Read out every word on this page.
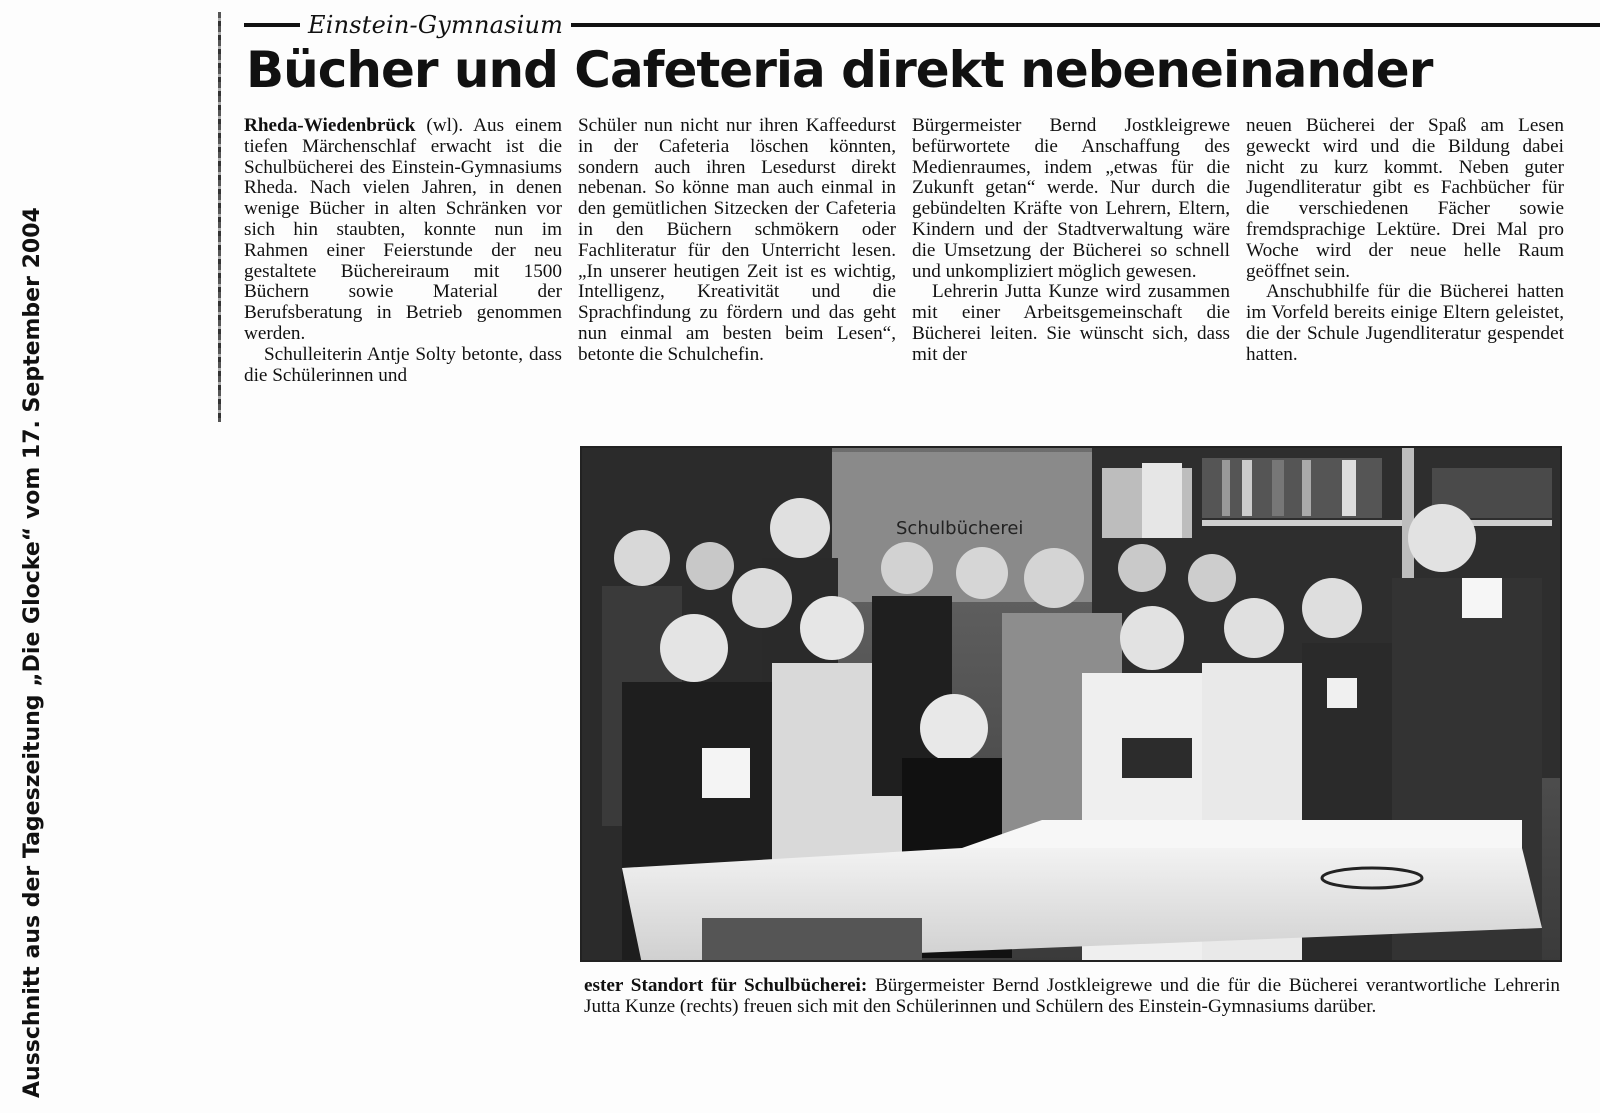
Ausschnitt aus der Tageszeitung „Die Glocke“ vom 17. September 2004
Einstein-Gymnasium
Bücher und Cafeteria direkt nebeneinander

Rheda-Wiedenbrück (wl). Aus einem tiefen Märchenschlaf erwacht ist die Schulbücherei des Einstein-Gymnasiums Rheda. Nach vielen Jahren, in denen wenige Bücher in alten Schränken vor sich hin staubten, konnte nun im Rahmen einer Feierstunde der neu gestaltete Büchereiraum mit 1500 Büchern sowie Material der Berufsberatung in Betrieb genommen werden.

Schulleiterin Antje Solty betonte, dass die Schülerinnen und

Schüler nun nicht nur ihren Kaffeedurst in der Cafeteria löschen könnten, sondern auch ihren Lesedurst direkt nebenan. So könne man auch einmal in den gemütlichen Sitzecken der Cafeteria in den Büchern schmökern oder Fachliteratur für den Unterricht lesen. „In unserer heutigen Zeit ist es wichtig, Intelligenz, Kreativität und die Sprachfindung zu fördern und das geht nun einmal am besten beim Lesen“, betonte die Schulchefin.

Bürgermeister Bernd Jostkleigrewe befürwortete die Anschaffung des Medienraumes, indem „etwas für die Zukunft getan“ werde. Nur durch die gebündelten Kräfte von Lehrern, Eltern, Kindern und der Stadtverwaltung wäre die Umsetzung der Bücherei so schnell und unkompliziert möglich gewesen.

Lehrerin Jutta Kunze wird zusammen mit einer Arbeitsgemeinschaft die Bücherei leiten. Sie wünscht sich, dass mit der

neuen Bücherei der Spaß am Lesen geweckt wird und die Bildung dabei nicht zu kurz kommt. Neben guter Jugendliteratur gibt es Fachbücher für die verschiedenen Fächer sowie fremdsprachige Lektüre. Drei Mal pro Woche wird der neue helle Raum geöffnet sein.

Anschubhilfe für die Bücherei hatten im Vorfeld bereits einige Eltern geleistet, die der Schule Jugendliteratur gespendet hatten.

Schulbücherei
ester Standort für Schulbücherei: Bürgermeister Bernd Jostkleigrewe und die für die Bücherei verantwortliche Lehrerin Jutta Kunze (rechts) freuen sich mit den Schülerinnen und Schülern des Einstein-Gymnasiums darüber.
